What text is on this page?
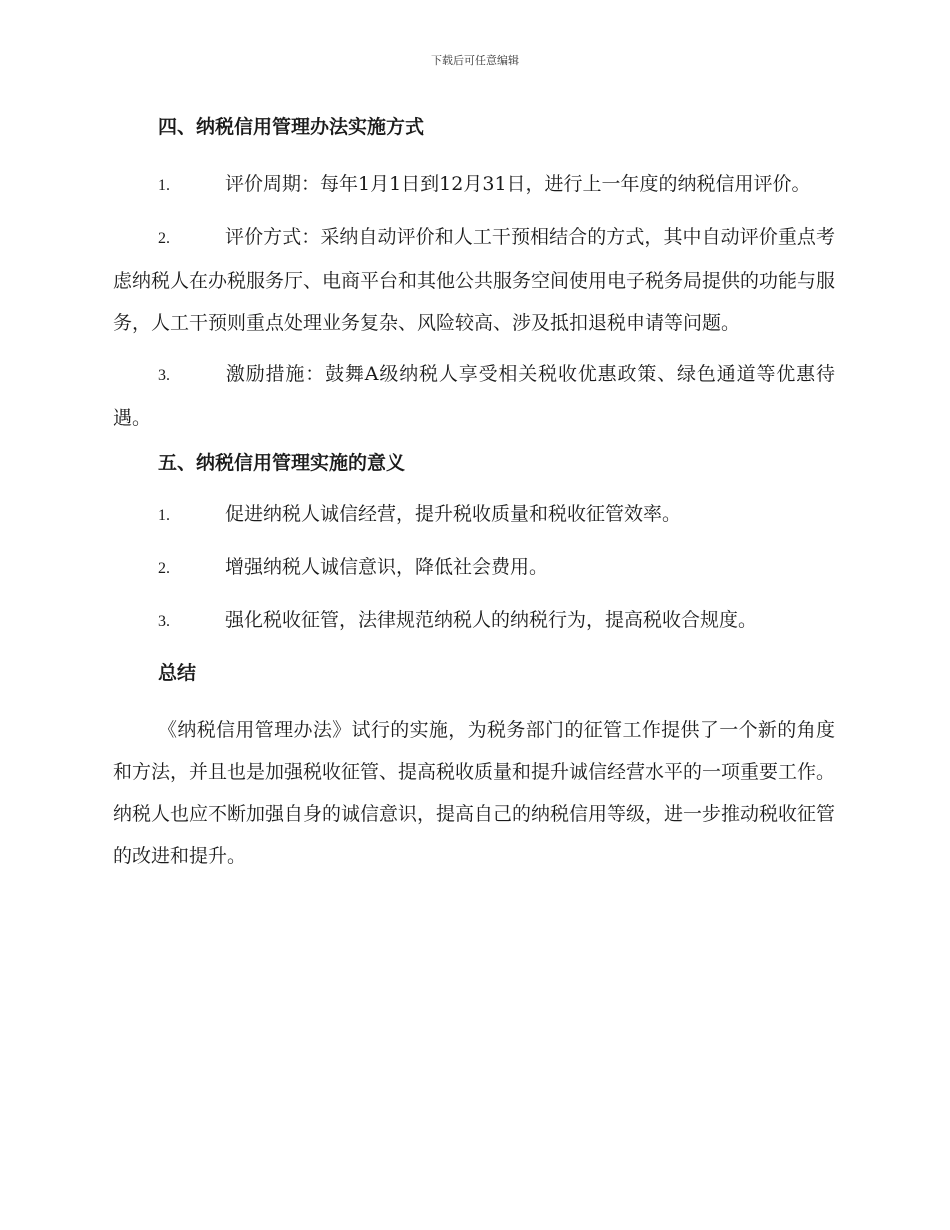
下载后可任意编辑
四、纳税信用管理办法实施方式
1.	评价周期：每年1月1日到12月31日，进行上一年度的纳税信用评价。
2.	评价方式：采纳自动评价和人工干预相结合的方式，其中自动评价重点考虑纳税人在办税服务厅、电商平台和其他公共服务空间使用电子税务局提供的功能与服务，人工干预则重点处理业务复杂、风险较高、涉及抵扣退税申请等问题。
3.	激励措施：鼓舞A级纳税人享受相关税收优惠政策、绿色通道等优惠待遇。
五、纳税信用管理实施的意义
1.	促进纳税人诚信经营，提升税收质量和税收征管效率。
2.	增强纳税人诚信意识，降低社会费用。
3.	强化税收征管，法律规范纳税人的纳税行为，提高税收合规度。
总结

《纳税信用管理办法》试行的实施，为税务部门的征管工作提供了一个新的角度和方法，并且也是加强税收征管、提高税收质量和提升诚信经营水平的一项重要工作。纳税人也应不断加强自身的诚信意识，提高自己的纳税信用等级，进一步推动税收征管的改进和提升。
